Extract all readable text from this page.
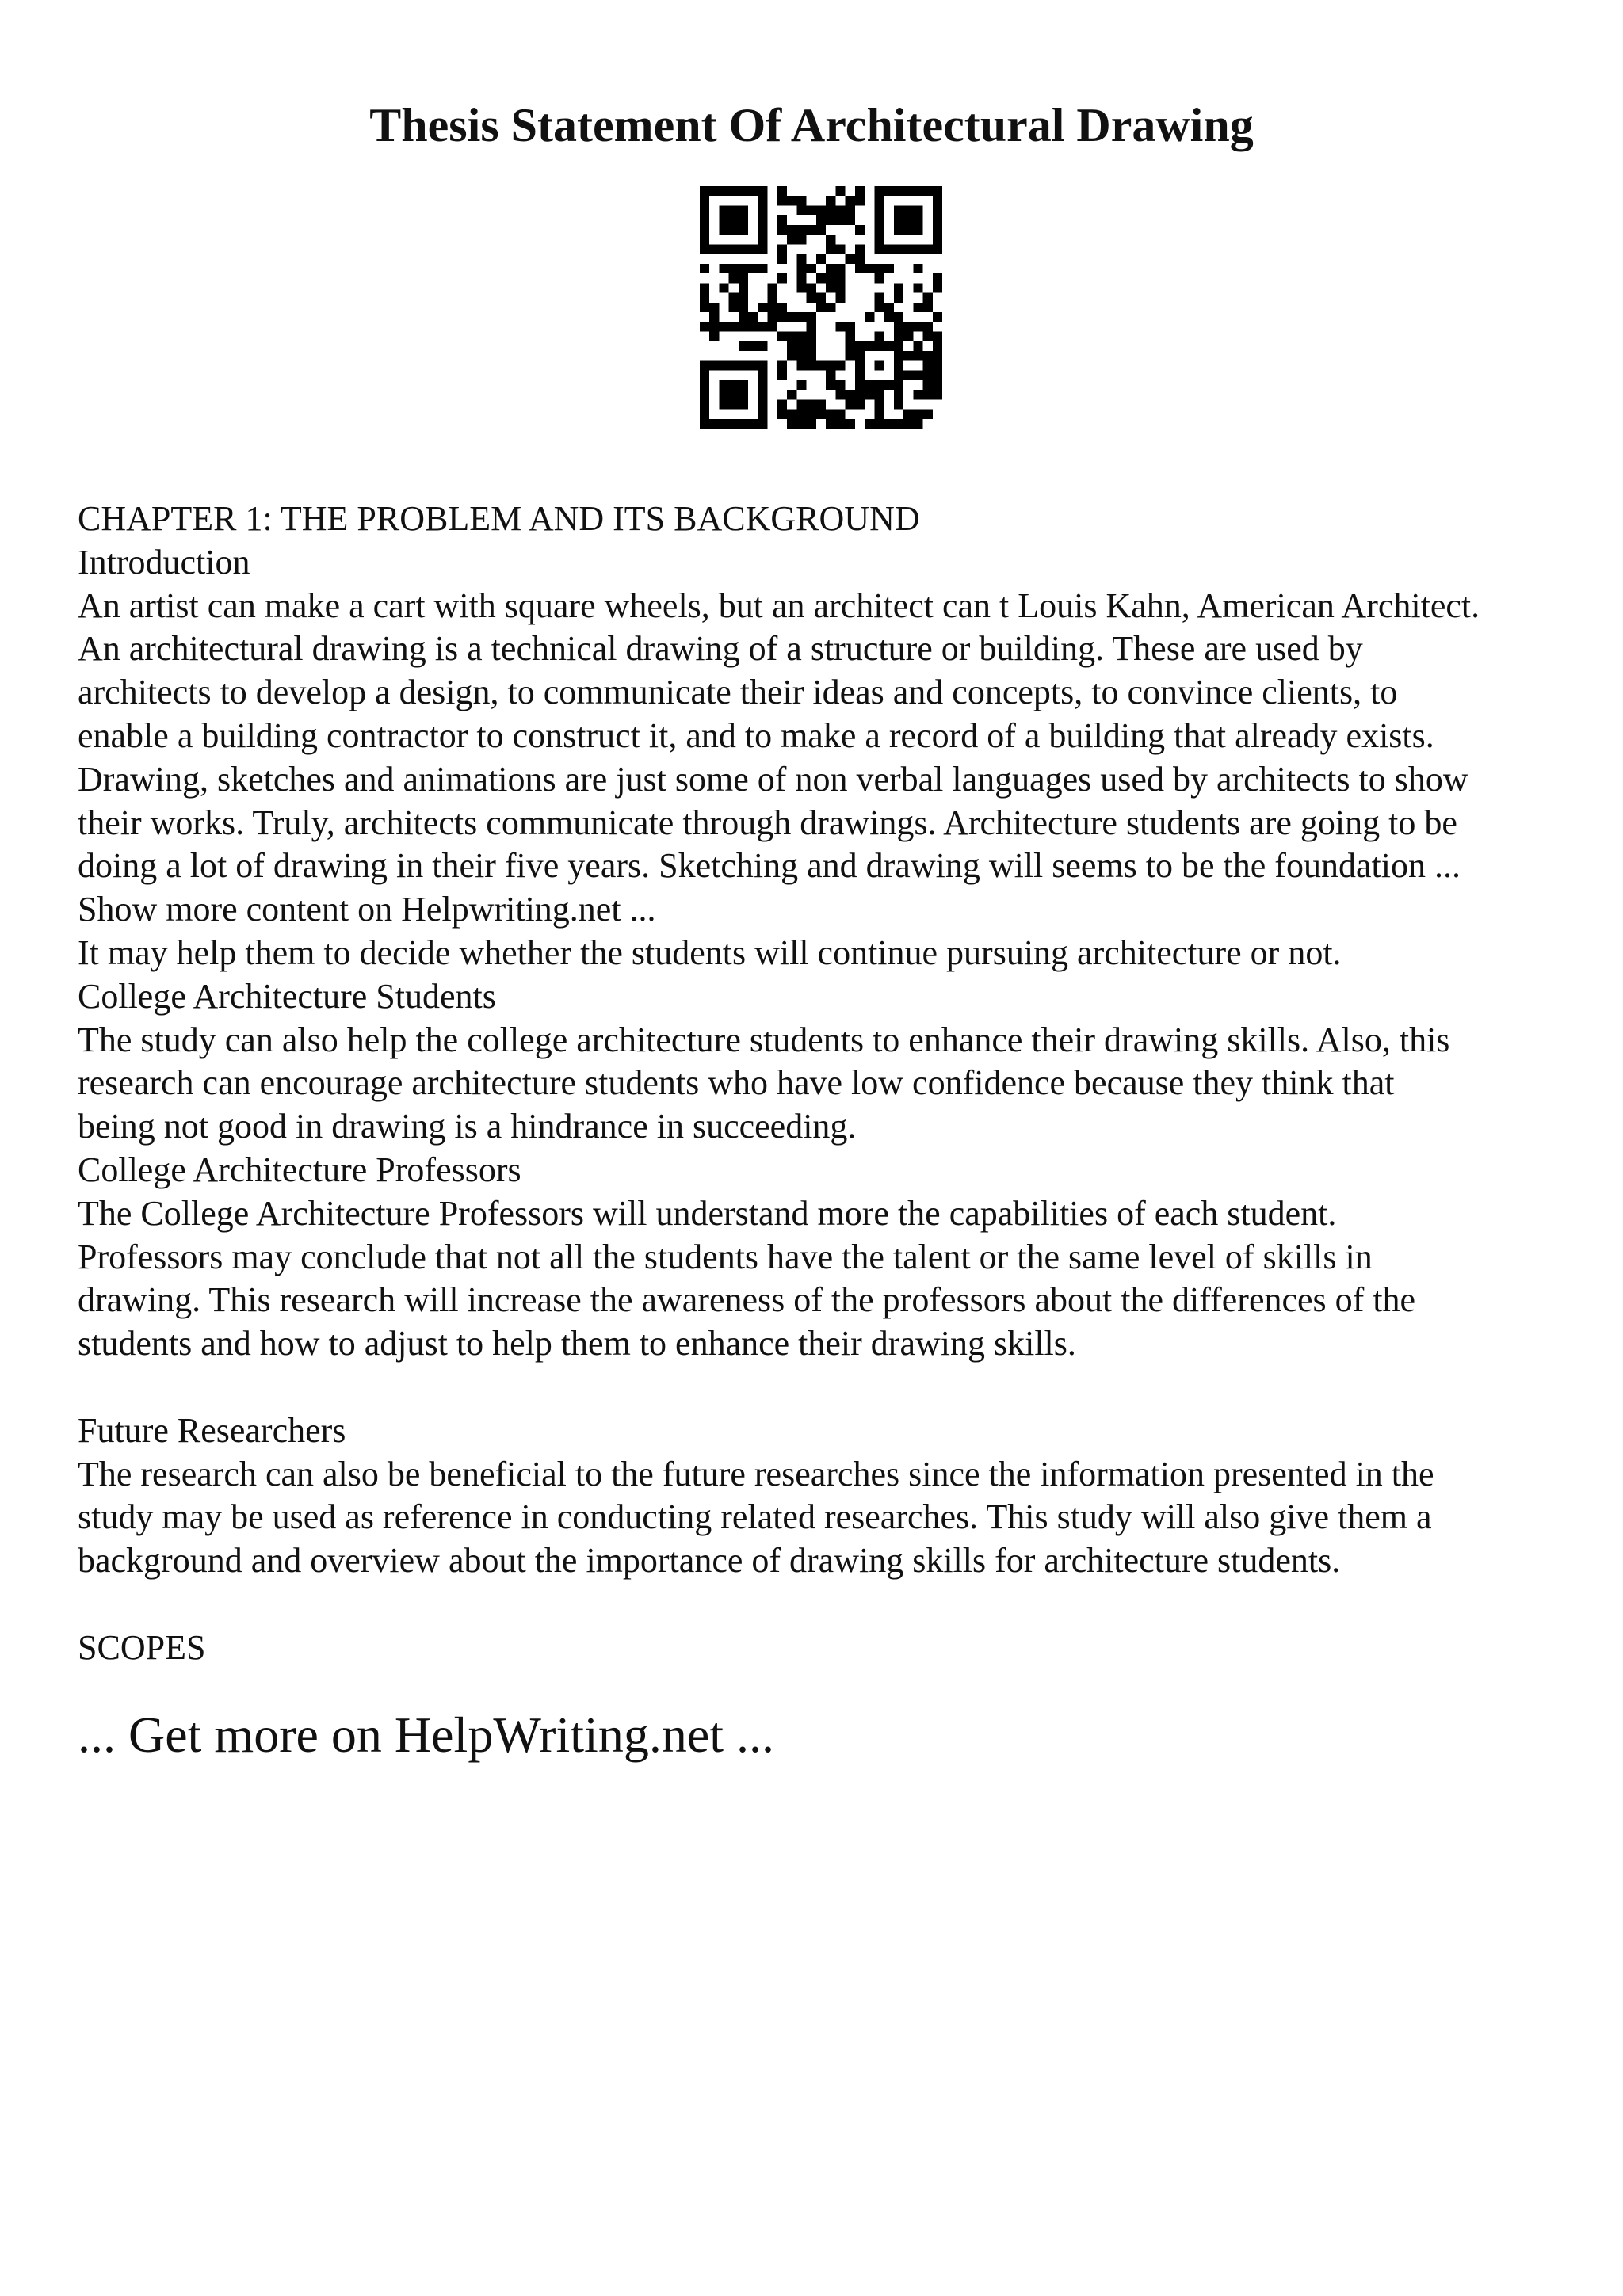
Thesis Statement Of Architectural Drawing

CHAPTER 1: THE PROBLEM AND ITS BACKGROUND

Introduction

An artist can make a cart with square wheels, but an architect can t Louis Kahn, American Architect.

An architectural drawing is a technical drawing of a structure or building. These are used by

architects to develop a design, to communicate their ideas and concepts, to convince clients, to

enable a building contractor to construct it, and to make a record of a building that already exists.

Drawing, sketches and animations are just some of non verbal languages used by architects to show

their works. Truly, architects communicate through drawings. Architecture students are going to be

doing a lot of drawing in their five years. Sketching and drawing will seems to be the foundation ...

Show more content on Helpwriting.net ...

It may help them to decide whether the students will continue pursuing architecture or not.

College Architecture Students

The study can also help the college architecture students to enhance their drawing skills. Also, this

research can encourage architecture students who have low confidence because they think that

being not good in drawing is a hindrance in succeeding.

College Architecture Professors

The College Architecture Professors will understand more the capabilities of each student.

Professors may conclude that not all the students have the talent or the same level of skills in

drawing. This research will increase the awareness of the professors about the differences of the

students and how to adjust to help them to enhance their drawing skills.

Future Researchers

The research can also be beneficial to the future researches since the information presented in the

study may be used as reference in conducting related researches. This study will also give them a

background and overview about the importance of drawing skills for architecture students.

SCOPES

... Get more on HelpWriting.net ...
